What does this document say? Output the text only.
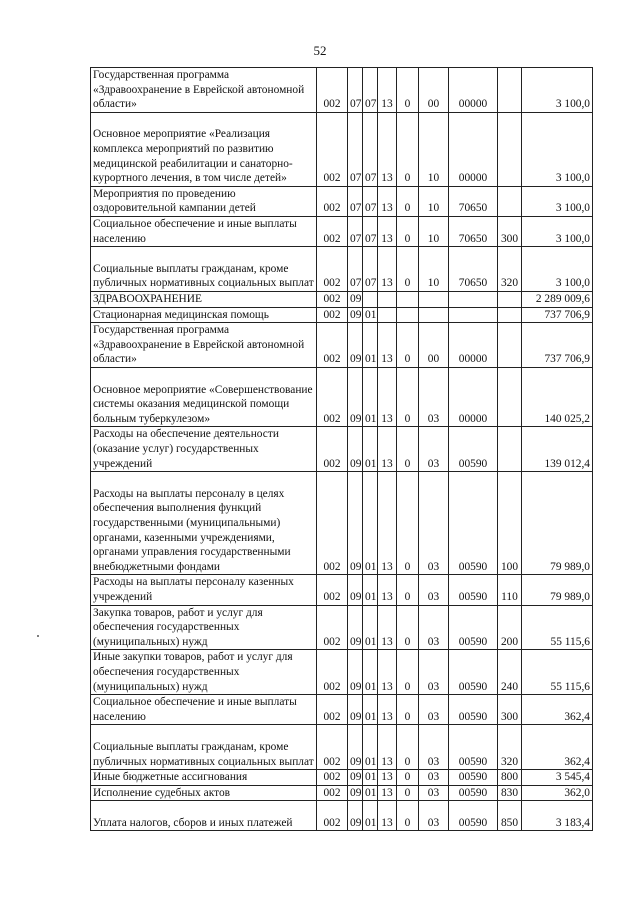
52
Государственная программа «Здравоохранение в Еврейской автономной области»	002	07	07	13	0	00	00000		3 100,0
Основное мероприятие «Реализация комплекса мероприятий по развитию медицинской реабилитации и санаторно-курортного лечения, в том числе детей»	002	07	07	13	0	10	00000		3 100,0
Мероприятия по проведению оздоровительной кампании детей	002	07	07	13	0	10	70650		3 100,0
Социальное обеспечение и иные выплаты населению	002	07	07	13	0	10	70650	300	3 100,0
Социальные выплаты гражданам, кроме публичных нормативных социальных выплат	002	07	07	13	0	10	70650	320	3 100,0
ЗДРАВООХРАНЕНИЕ	002	09							2 289 009,6
Стационарная медицинская помощь	002	09	01						737 706,9
Государственная программа «Здравоохранение в Еврейской автономной области»	002	09	01	13	0	00	00000		737 706,9
Основное мероприятие «Совершенствование системы оказания медицинской помощи больным туберкулезом»	002	09	01	13	0	03	00000		140 025,2
Расходы на обеспечение деятельности (оказание услуг) государственных учреждений	002	09	01	13	0	03	00590		139 012,4
Расходы на выплаты персоналу в целях обеспечения выполнения функций государственными (муниципальными) органами, казенными учреждениями, органами управления государственными внебюджетными фондами	002	09	01	13	0	03	00590	100	79 989,0
Расходы на выплаты персоналу казенных учреждений	002	09	01	13	0	03	00590	110	79 989,0
Закупка товаров, работ и услуг для обеспечения государственных (муниципальных) нужд	002	09	01	13	0	03	00590	200	55 115,6
Иные закупки товаров, работ и услуг для обеспечения государственных (муниципальных) нужд	002	09	01	13	0	03	00590	240	55 115,6
Социальное обеспечение и иные выплаты населению	002	09	01	13	0	03	00590	300	362,4
Социальные выплаты гражданам, кроме публичных нормативных социальных выплат	002	09	01	13	0	03	00590	320	362,4
Иные бюджетные ассигнования	002	09	01	13	0	03	00590	800	3 545,4
Исполнение судебных актов	002	09	01	13	0	03	00590	830	362,0
Уплата налогов, сборов и иных платежей	002	09	01	13	0	03	00590	850	3 183,4
